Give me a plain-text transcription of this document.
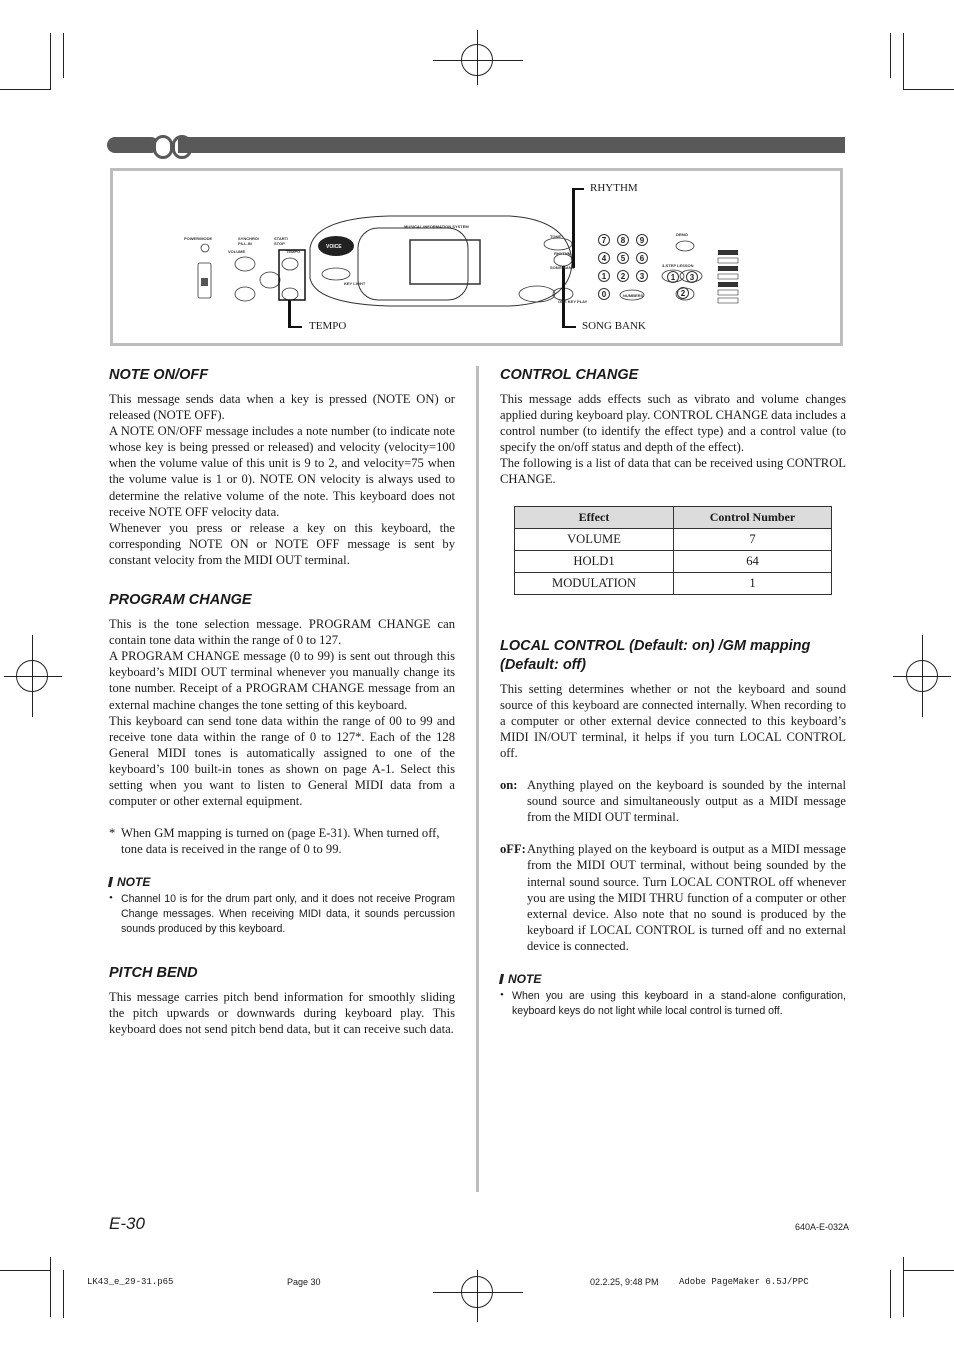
POWER/MODE	SYNCHRO/
FILL-IN
START/
STOP
VOLUME	TEMPO
VOICE
KEY LIGHT
MUSICAL INFORMATION SYSTEM
TONE
RHYTHM
SONG BANK
DEMO
3-STEP LESSON
NUMBERS
ONE KEY PLAY
7	8	9
4	5	6
1	2	3
0
1	3
2
RHYTHM
TEMPO	SONG BANK
NOTE ON/OFF

This message sends data when a key is pressed (NOTE ON) or released (NOTE OFF).

A NOTE ON/OFF message includes a note number (to indicate note whose key is being pressed or released) and velocity (velocity=100 when the volume value of this unit is 9 to 2, and velocity=75 when the volume value is 1 or 0). NOTE ON velocity is always used to determine the relative volume of the note. This keyboard does not receive NOTE OFF velocity data.

Whenever you press or release a key on this keyboard, the corresponding NOTE ON or NOTE OFF message is sent by constant velocity from the MIDI OUT terminal.

PROGRAM CHANGE

This is the tone selection message. PROGRAM CHANGE can contain tone data within the range of 0 to 127.

A PROGRAM CHANGE message (0 to 99) is sent out through this keyboard’s MIDI OUT terminal whenever you manually change its tone number. Receipt of a PROGRAM CHANGE message from an external machine changes the tone setting of this keyboard.

This keyboard can send tone data within the range of 00 to 99 and receive tone data within the range of 0 to 127*. Each of the 128 General MIDI tones is automatically assigned to one of the keyboard’s 100 built-in tones as shown on page A-1. Select this setting when you want to listen to General MIDI data from a computer or other external equipment.

* When GM mapping is turned on (page E-31). When turned off, tone data is received in the range of 0 to 99.
NOTE
• Channel 10 is for the drum part only, and it does not receive Program Change messages. When receiving MIDI data, it sounds percussion sounds produced by this keyboard.
PITCH BEND

This message carries pitch bend information for smoothly sliding the pitch upwards or downwards during keyboard play. This keyboard does not send pitch bend data, but it can receive such data.

CONTROL CHANGE

This message adds effects such as vibrato and volume changes applied during keyboard play. CONTROL CHANGE data includes a control number (to identify the effect type) and a control value (to specify the on/off status and depth of the effect).

The following is a list of data that can be received using CONTROL CHANGE.

Effect	Control Number
VOLUME	7
HOLD1	64
MODULATION	1
LOCAL CONTROL (Default: on) /GM mapping (Default: off)

This setting determines whether or not the keyboard and sound source of this keyboard are connected internally. When recording to a computer or other external device connected to this keyboard’s MIDI IN/OUT terminal, it helps if you turn LOCAL CONTROL off.

on: Anything played on the keyboard is sounded by the internal sound source and simultaneously output as a MIDI message from the MIDI OUT terminal.
oFF: Anything played on the keyboard is output as a MIDI message from the MIDI OUT terminal, without being sounded by the internal sound source. Turn LOCAL CONTROL off whenever you are using the MIDI THRU function of a computer or other external device. Also note that no sound is produced by the keyboard if LOCAL CONTROL is turned off and no external device is connected.
NOTE
• When you are using this keyboard in a stand-alone configuration, keyboard keys do not light while local control is turned off.
E-30	640A-E-032A
LK43_e_29-31.p65	Page 30	02.2.25, 9:48 PM Adobe PageMaker 6.5J/PPC
